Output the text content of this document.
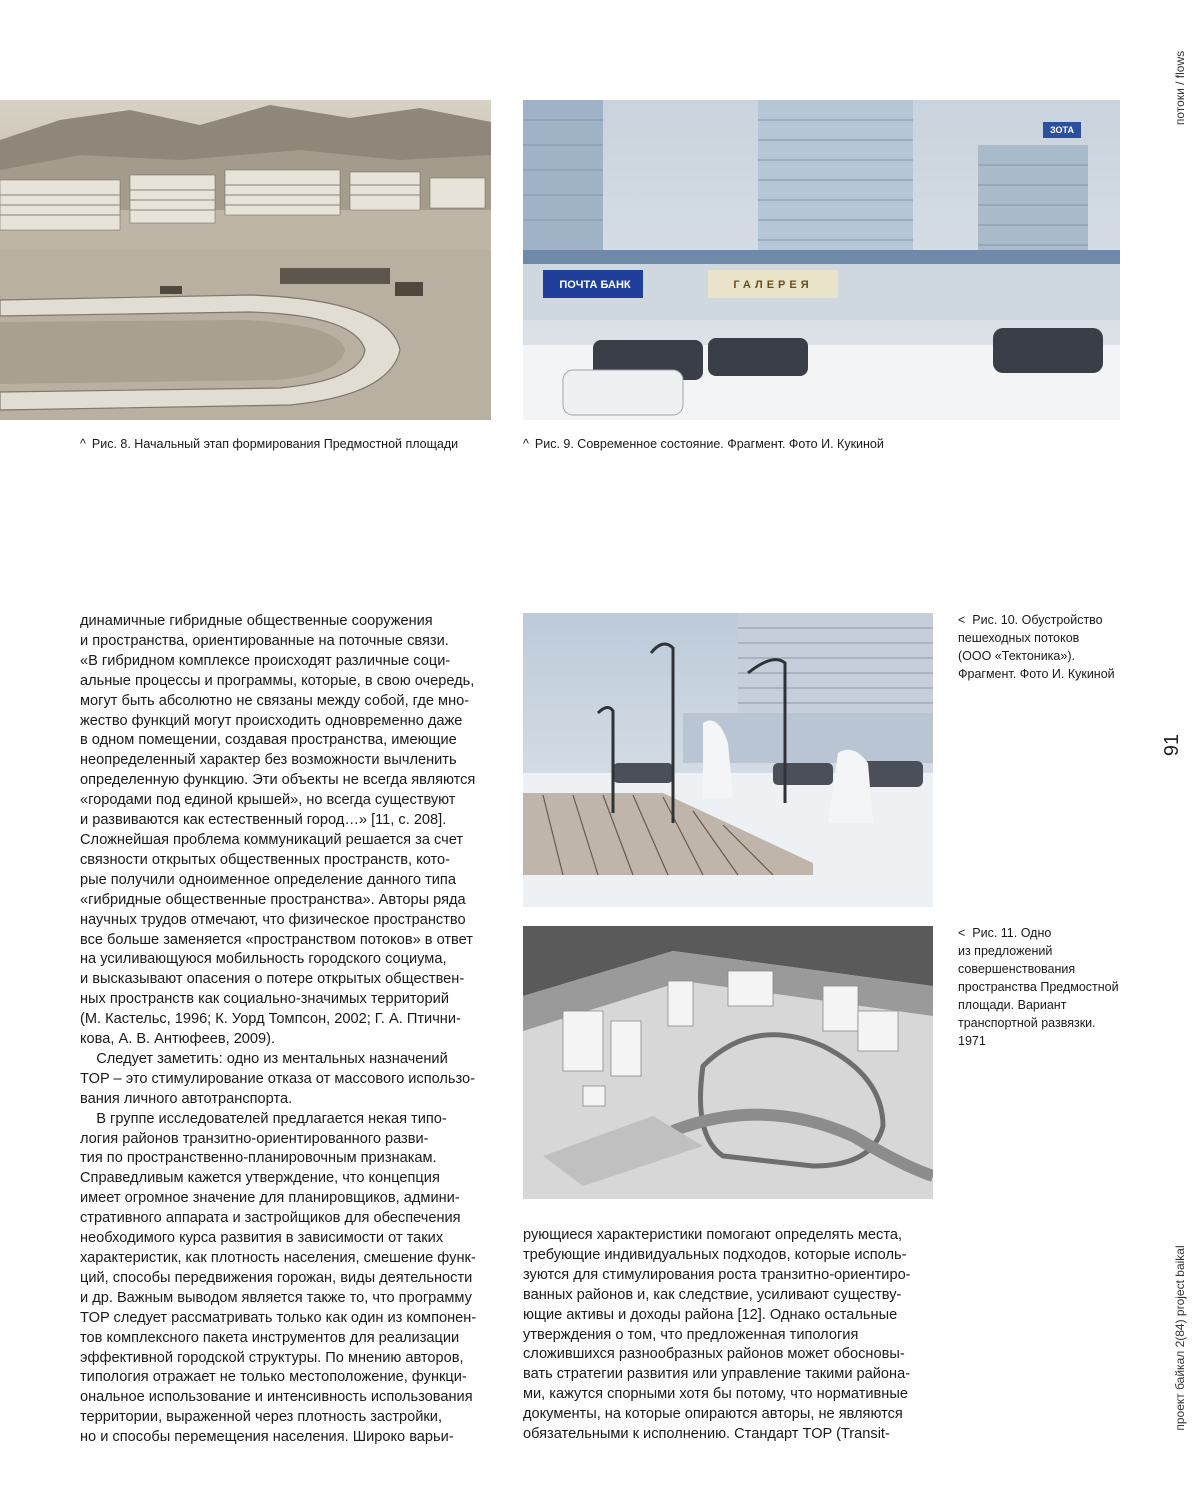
потоки / flows
91
проект байкал 2(84) project baikal
^ Рис. 8. Начальный этап формирования Предмостной площади
ПОЧТА БАНК	ГАЛЕРЕЯ
ЗОТА
^ Рис. 9. Современное состояние. Фрагмент. Фото И. Кукиной
< Рис. 10. Обустройство
пешеходных потоков
(ООО «Тектоника»).
Фрагмент. Фото И. Кукиной
< Рис. 11. Одно
из предложений
совершенствования
пространства Предмостной
площади. Вариант
транспортной развязки.
1971
динамичные гибридные общественные сооружения
и пространства, ориентированные на поточные связи.
«В гибридном комплексе происходят различные соци-
альные процессы и программы, которые, в свою очередь,
могут быть абсолютно не связаны между собой, где мно-
жество функций могут происходить одновременно даже
в одном помещении, создавая пространства, имеющие
неопределенный характер без возможности вычленить
определенную функцию. Эти объекты не всегда являются
«городами под единой крышей», но всегда существуют
и развиваются как естественный город…» [11, с. 208].
Сложнейшая проблема коммуникаций решается за счет
связности открытых общественных пространств, кото-
рые получили одноименное определение данного типа
«гибридные общественные пространства». Авторы ряда
научных трудов отмечают, что физическое пространство
все больше заменяется «пространством потоков» в ответ
на усиливающуюся мобильность городского социума,
и высказывают опасения о потере открытых обществен-
ных пространств как социально-значимых территорий
(М. Кастельс, 1996; К. Уорд Томпсон, 2002; Г. А. Птични-
кова, А. В. Антюфеев, 2009).
Следует заметить: одно из ментальных назначений
TOP – это стимулирование отказа от массового использо-
вания личного автотранспорта.
В группе исследователей предлагается некая типо-
логия районов транзитно-ориентированного разви-
тия по пространственно-планировочным признакам.
Справедливым кажется утверждение, что концепция
имеет огромное значение для планировщиков, админи-
стративного аппарата и застройщиков для обеспечения
необходимого курса развития в зависимости от таких
характеристик, как плотность населения, смешение функ-
ций, способы передвижения горожан, виды деятельности
и др. Важным выводом является также то, что программу
TOP следует рассматривать только как один из компонен-
тов комплексного пакета инструментов для реализации
эффективной городской структуры. По мнению авторов,
типология отражает не только местоположение, функци-
ональное использование и интенсивность использования
территории, выраженной через плотность застройки,
но и способы перемещения населения. Широко варьи-
рующиеся характеристики помогают определять места,
требующие индивидуальных подходов, которые исполь-
зуются для стимулирования роста транзитно-ориентиро-
ванных районов и, как следствие, усиливают существу-
ющие активы и доходы района [12]. Однако остальные
утверждения о том, что предложенная типология
сложившихся разнообразных районов может обосновы-
вать стратегии развития или управление такими района-
ми, кажутся спорными хотя бы потому, что нормативные
документы, на которые опираются авторы, не являются
обязательными к исполнению. Стандарт TOP (Transit-
